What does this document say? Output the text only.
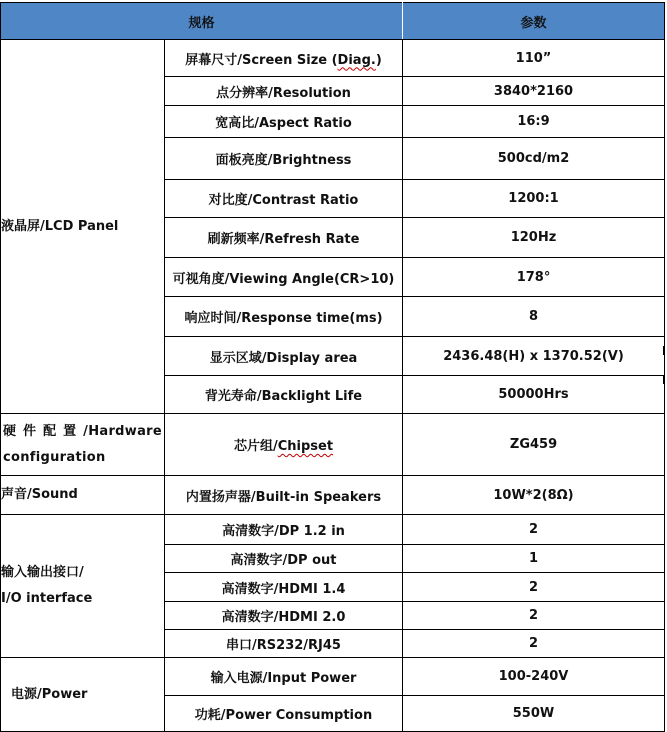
规格		参数
液晶屏/LCD Panel	屏幕尺寸/Screen Size (Diag.)	110”
	点分辨率/Resolution	3840*2160
	宽高比/Aspect Ratio	16:9
	面板亮度/Brightness	500cd/m2
	对比度/Contrast Ratio	1200:1
	刷新频率/Refresh Rate	120Hz
	可视角度/Viewing Angle(CR>10)	178°
	响应时间/Response time(ms)	8
	显示区域/Display area	2436.48(H) x 1370.52(V)
	背光寿命/Backlight Life	50000Hrs
硬 件 配 置 /Hardware configuration	芯片组/Chipset	ZG459
声音/Sound	内置扬声器/Built-in Speakers	10W*2(8Ω)
输入输出接口/
I/O interface	高清数字/DP 1.2 in	2
	高清数字/DP out	1
	高清数字/HDMI 1.4	2
	高清数字/HDMI 2.0	2
	串口/RS232/RJ45	2
电源/Power	输入电源/Input Power	100-240V
	功耗/Power Consumption	550W
